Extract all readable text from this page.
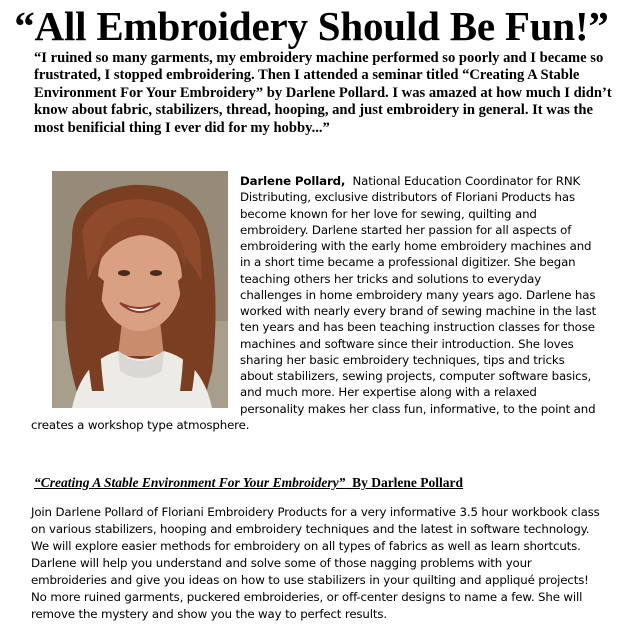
“All Embroidery Should Be Fun!”
“I ruined so many garments, my embroidery machine performed so poorly and I became so frustrated, I stopped embroidering. Then I attended a seminar titled “Creating A Stable Environment For Your Embroidery” by Darlene Pollard. I was amazed at how much I didn’t know about fabric, stabilizers, thread, hooping, and just embroidery in general. It was the most benificial thing I ever did for my hobby...”
Darlene Pollard, National Education Coordinator for RNK Distributing, exclusive distributors of Floriani Products has become known for her love for sewing, quilting and embroidery. Darlene started her passion for all aspects of embroidering with the early home embroidery machines and in a short time became a professional digitizer. She began teaching others her tricks and solutions to everyday challenges in home embroidery many years ago. Darlene has worked with nearly every brand of sewing machine in the last ten years and has been teaching instruction classes for those machines and software since their introduction. She loves sharing her basic embroidery techniques, tips and tricks about stabilizers, sewing projects, computer software basics, and much more. Her expertise along with a relaxed personality makes her class fun, informative, to the point and creates a workshop type atmosphere.
“Creating A Stable Environment For Your Embroidery” By Darlene Pollard
Join Darlene Pollard of Floriani Embroidery Products for a very informative 3.5 hour workbook class on various stabilizers, hooping and embroidery techniques and the latest in software technology. We will explore easier methods for embroidery on all types of fabrics as well as learn shortcuts. Darlene will help you understand and solve some of those nagging problems with your embroideries and give you ideas on how to use stabilizers in your quilting and appliqué projects! No more ruined garments, puckered embroideries, or off-center designs to name a few. She will remove the mystery and show you the way to perfect results.
